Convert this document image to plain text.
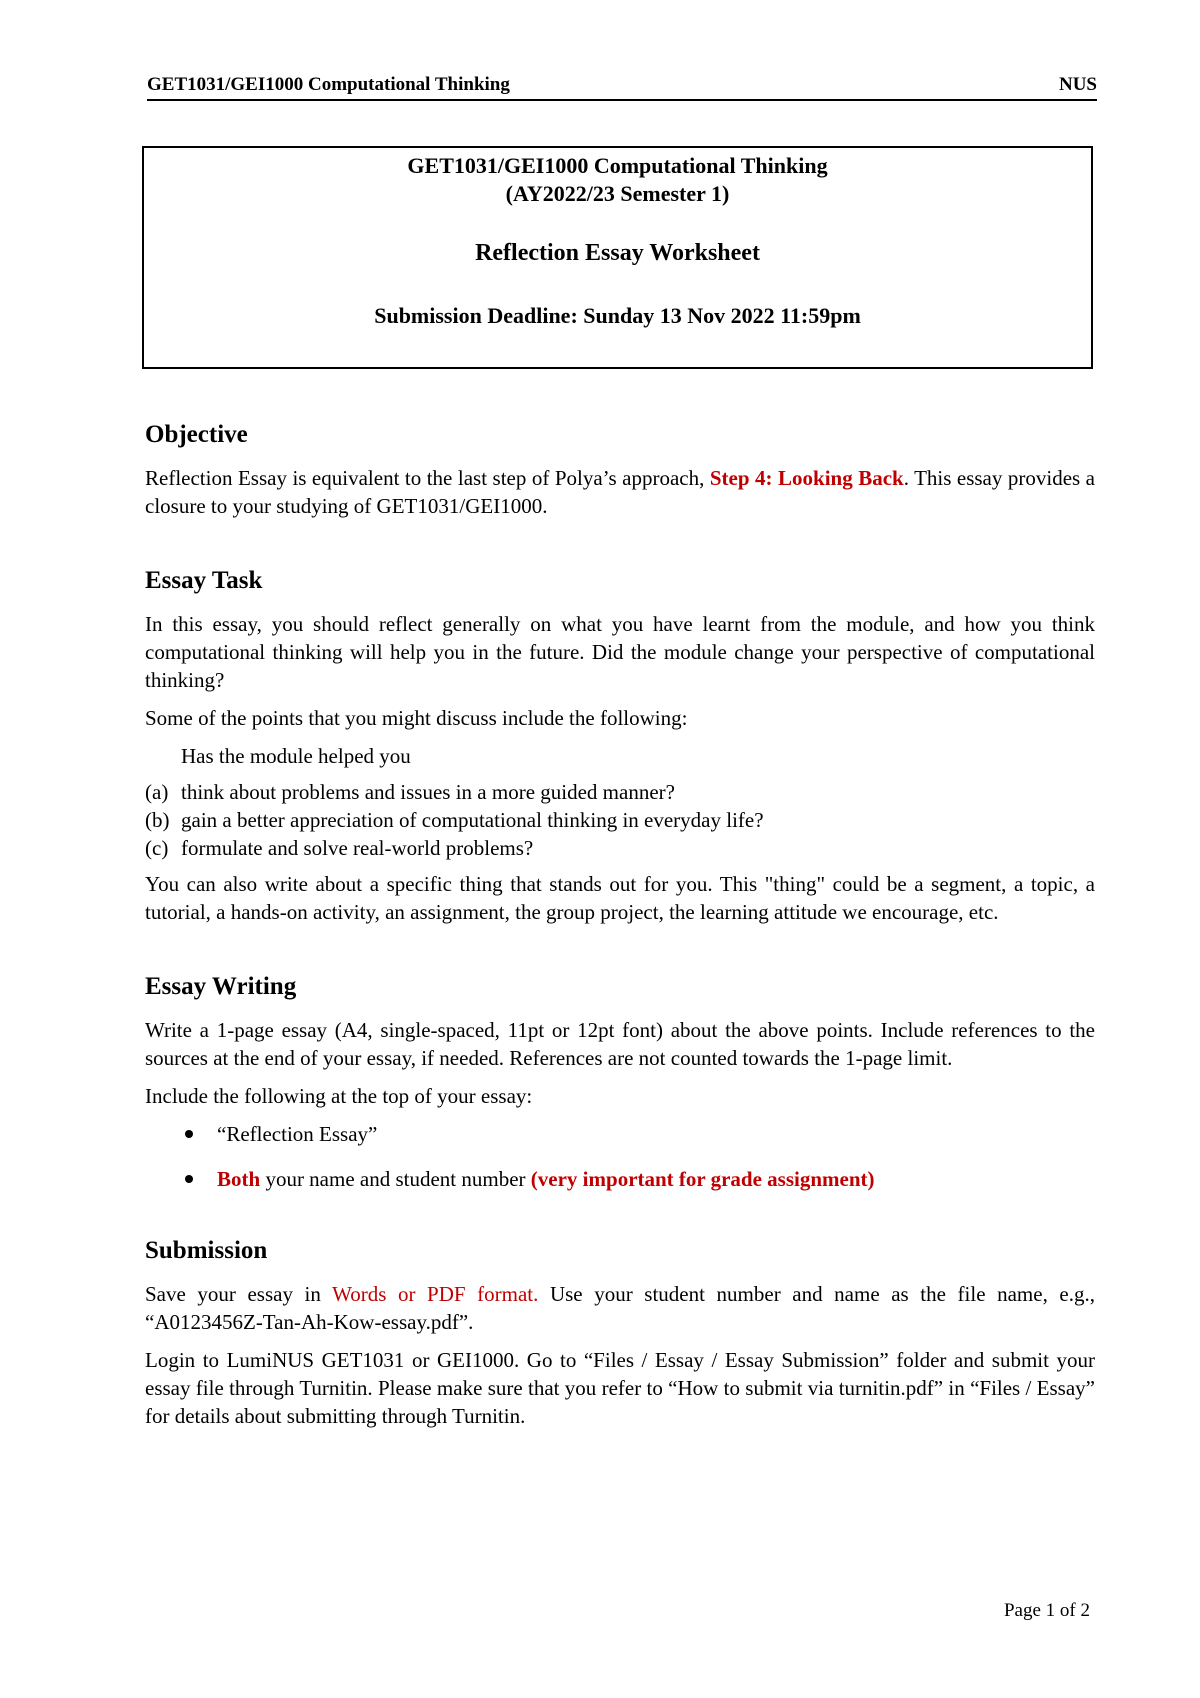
GET1031/GEI1000 Computational Thinking	NUS
GET1031/GEI1000 Computational Thinking
(AY2022/23 Semester 1)
Reflection Essay Worksheet
Submission Deadline: Sunday 13 Nov 2022 11:59pm
Objective

Reflection Essay is equivalent to the last step of Polya’s approach, Step 4: Looking Back. This essay provides a closure to your studying of GET1031/GEI1000.

Essay Task

In this essay, you should reflect generally on what you have learnt from the module, and how you think computational thinking will help you in the future. Did the module change your perspective of computational thinking?

Some of the points that you might discuss include the following:

Has the module helped you
(a) think about problems and issues in a more guided manner?
(b) gain a better appreciation of computational thinking in everyday life?
(c) formulate and solve real-world problems?

You can also write about a specific thing that stands out for you. This "thing" could be a segment, a topic, a tutorial, a hands-on activity, an assignment, the group project, the learning attitude we encourage, etc.

Essay Writing

Write a 1-page essay (A4, single-spaced, 11pt or 12pt font) about the above points. Include references to the sources at the end of your essay, if needed. References are not counted towards the 1-page limit.

Include the following at the top of your essay:

“Reflection Essay”
Both your name and student number (very important for grade assignment)
Submission

Save your essay in Words or PDF format. Use your student number and name as the file name, e.g., “A0123456Z-Tan-Ah-Kow-essay.pdf”.

Login to LumiNUS GET1031 or GEI1000. Go to “Files / Essay / Essay Submission” folder and submit your essay file through Turnitin. Please make sure that you refer to “How to submit via turnitin.pdf” in “Files / Essay” for details about submitting through Turnitin.

Page 1 of 2
